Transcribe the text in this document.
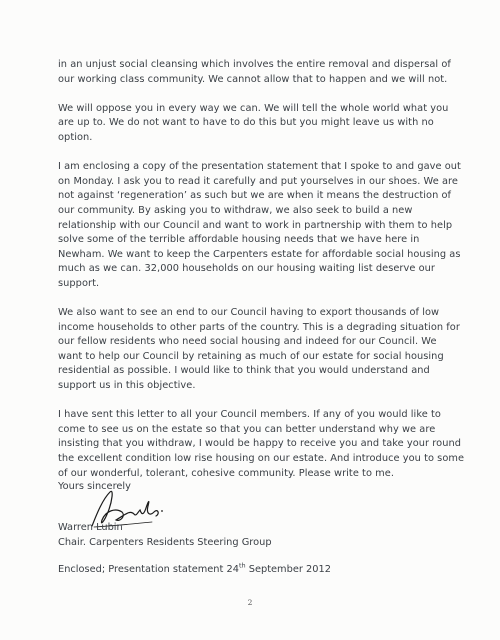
in an unjust social cleansing which involves the entire removal and dispersal of
our working class community. We cannot allow that to happen and we will not.

We will oppose you in every way we can. We will tell the whole world what you
are up to. We do not want to have to do this but you might leave us with no
option.

I am enclosing a copy of the presentation statement that I spoke to and gave out
on Monday. I ask you to read it carefully and put yourselves in our shoes. We are
not against ‘regeneration’ as such but we are when it means the destruction of
our community. By asking you to withdraw, we also seek to build a new
relationship with our Council and want to work in partnership with them to help
solve some of the terrible affordable housing needs that we have here in
Newham. We want to keep the Carpenters estate for affordable social housing as
much as we can. 32,000 households on our housing waiting list deserve our
support.

We also want to see an end to our Council having to export thousands of low
income households to other parts of the country. This is a degrading situation for
our fellow residents who need social housing and indeed for our Council. We
want to help our Council by retaining as much of our estate for social housing
residential as possible. I would like to think that you would understand and
support us in this objective.

I have sent this letter to all your Council members. If any of you would like to
come to see us on the estate so that you can better understand why we are
insisting that you withdraw, I would be happy to receive you and take your round
the excellent condition low rise housing on our estate. And introduce you to some
of our wonderful, tolerant, cohesive community. Please write to me.

Yours sincerely
Warren Lubin
Chair. Carpenters Residents Steering Group
Enclosed; Presentation statement 24th September 2012
2
